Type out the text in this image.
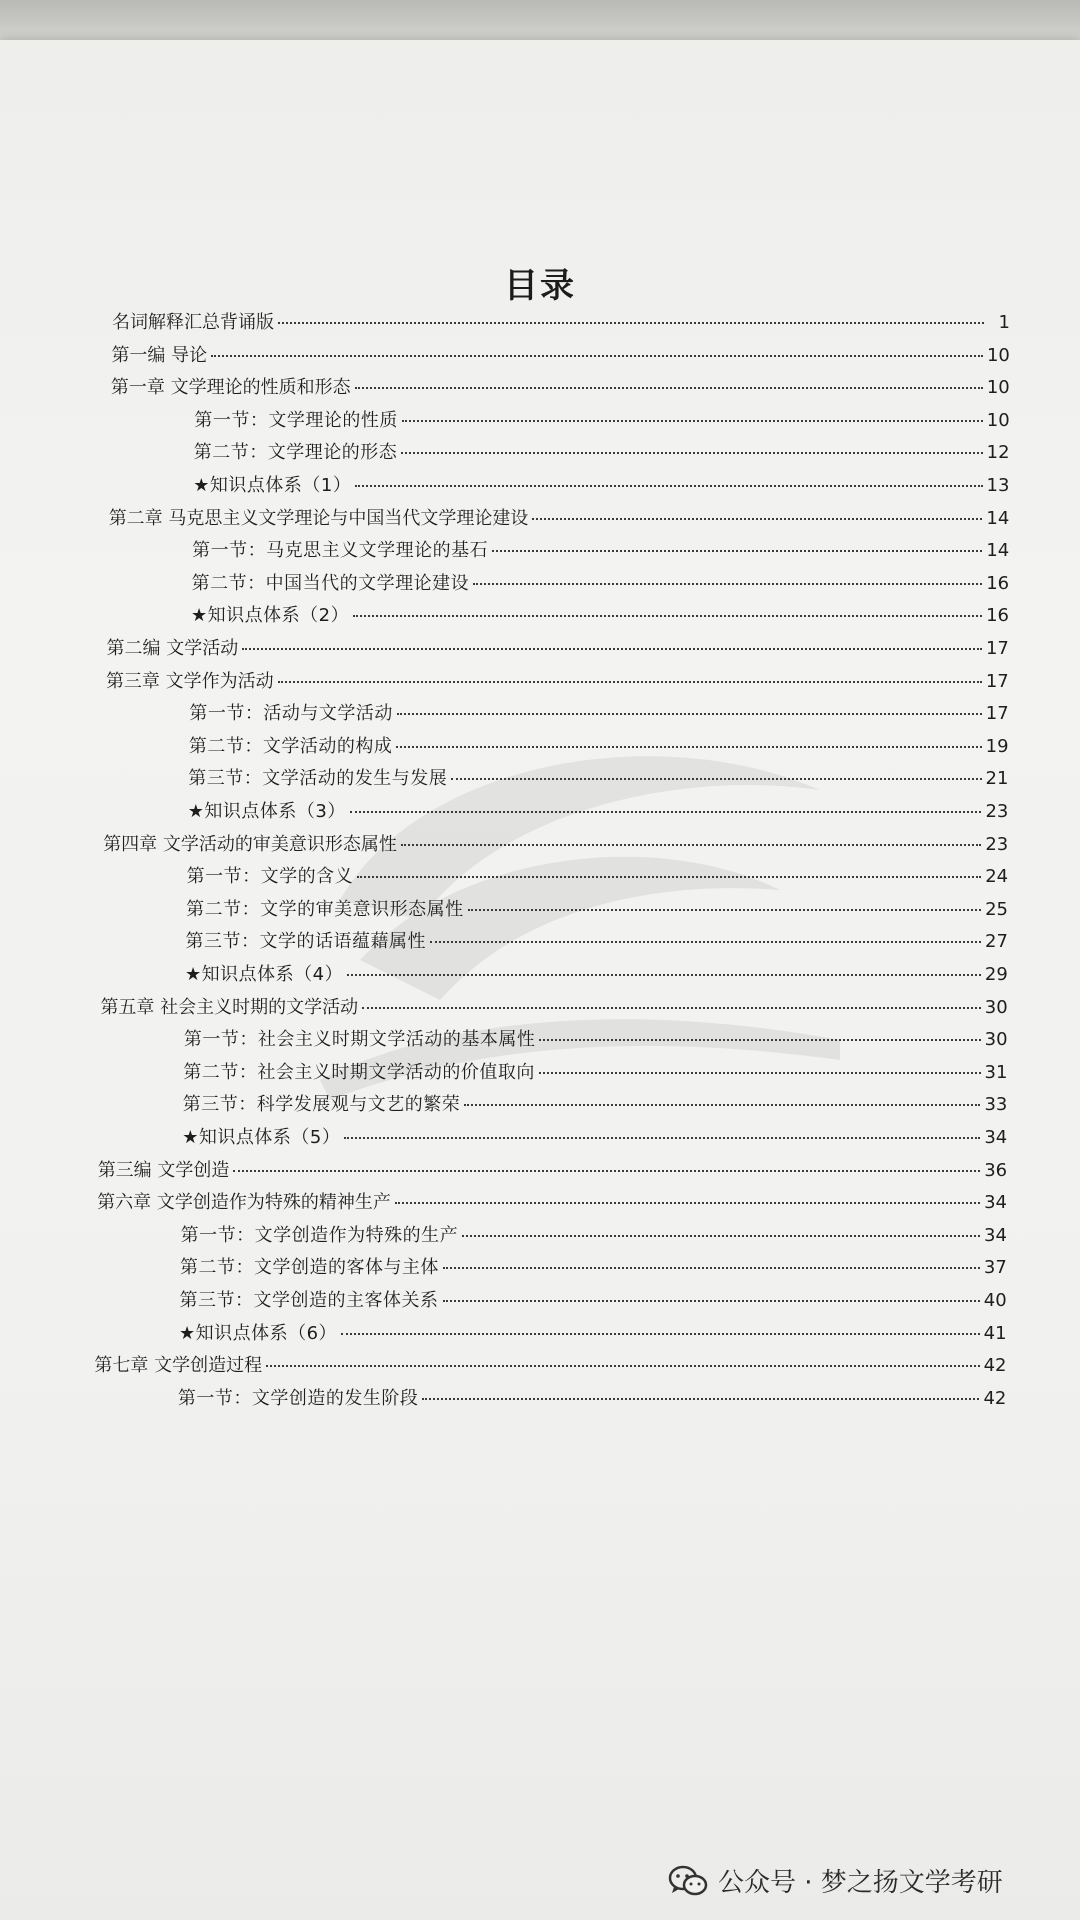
目录
名词解释汇总背诵版	1
第一编 导论	10
第一章 文学理论的性质和形态	10
第一节：文学理论的性质	10
第二节：文学理论的形态	12
★知识点体系（1）	13
第二章 马克思主义文学理论与中国当代文学理论建设	14
第一节：马克思主义文学理论的基石	14
第二节：中国当代的文学理论建设	16
★知识点体系（2）	16
第二编 文学活动	17
第三章 文学作为活动	17
第一节：活动与文学活动	17
第二节：文学活动的构成	19
第三节：文学活动的发生与发展	21
★知识点体系（3）	23
第四章 文学活动的审美意识形态属性	23
第一节：文学的含义	24
第二节：文学的审美意识形态属性	25
第三节：文学的话语蕴藉属性	27
★知识点体系（4）	29
第五章 社会主义时期的文学活动	30
第一节：社会主义时期文学活动的基本属性	30
第二节：社会主义时期文学活动的价值取向	31
第三节：科学发展观与文艺的繁荣	33
★知识点体系（5）	34
第三编 文学创造	36
第六章 文学创造作为特殊的精神生产	34
第一节：文学创造作为特殊的生产	34
第二节：文学创造的客体与主体	37
第三节：文学创造的主客体关系	40
★知识点体系（6）	41
第七章 文学创造过程	42
第一节：文学创造的发生阶段	42
公众号 · 梦之扬文学考研
